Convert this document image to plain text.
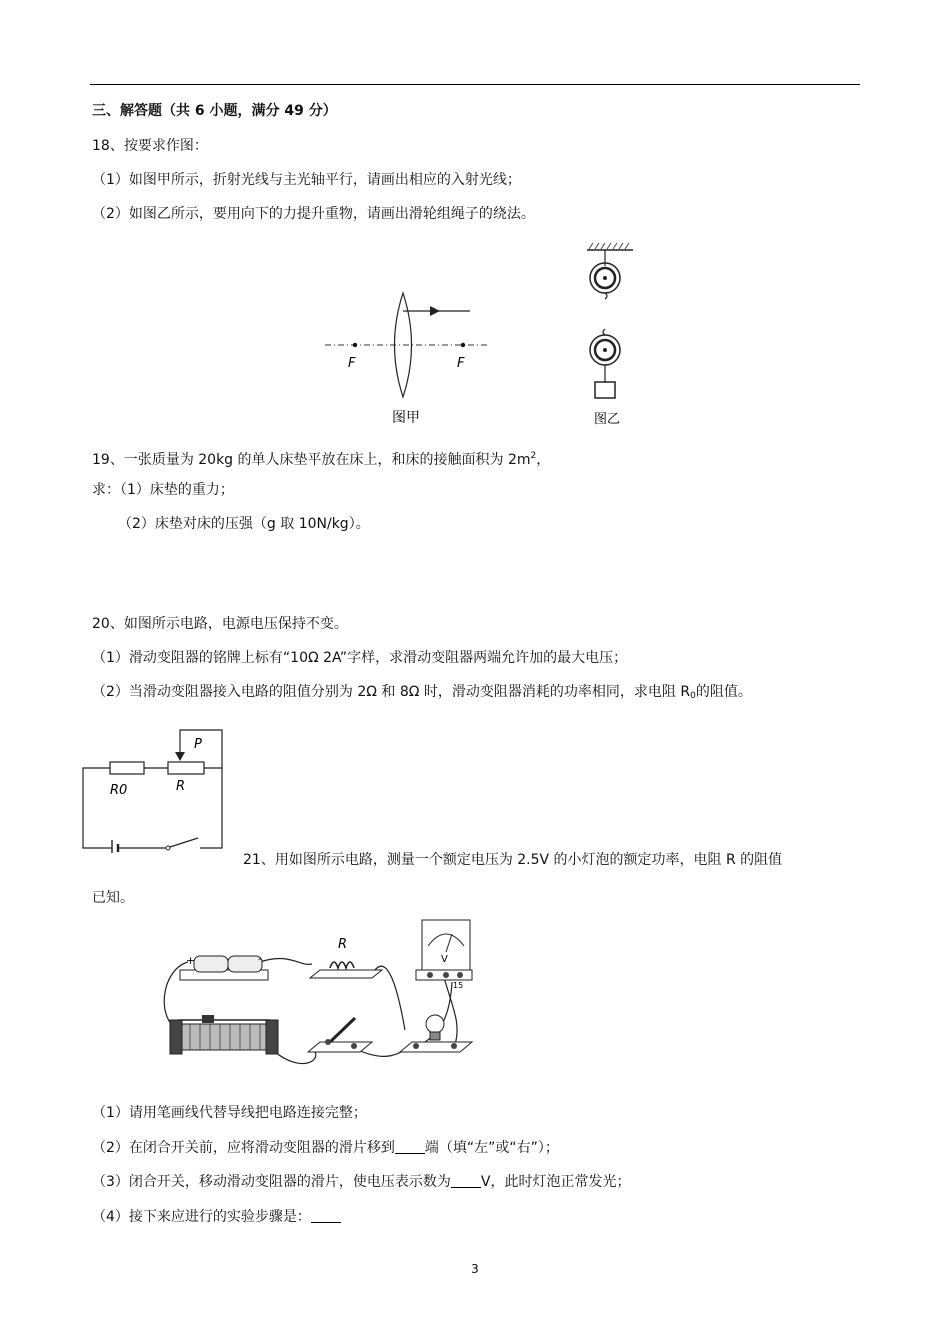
三、解答题（共 6 小题，满分 49 分）
18、按要求作图：
（1）如图甲所示，折射光线与主光轴平行，请画出相应的入射光线；
（2）如图乙所示，要用向下的力提升重物，请画出滑轮组绳子的绕法。
F	F
图甲	图乙
19、一张质量为 20kg 的单人床垫平放在床上，和床的接触面积为 $2m^2$，
求：（1）床垫的重力；
（2）床垫对床的压强（g 取 10N/kg）。
20、如图所示电路，电源电压保持不变。
（1）滑动变阻器的铭牌上标有“10Ω 2A”字样，求滑动变阻器两端允许加的最大电压；
（2）当滑动变阻器接入电路的阻值分别为 2Ω 和 8Ω 时，滑动变阻器消耗的功率相同，求电阻 $R_0$的阻值。
P
R0	R
21、用如图所示电路，测量一个额定电压为 2.5V 的小灯泡的额定功率，电阻 R 的阻值
已知。
+	-
R
V
15
（1）请用笔画线代替导线把电路连接完整；
（2）在闭合开关前，应将滑动变阻器的滑片移到 端（填“左”或“右”）；
（3）闭合开关，移动滑动变阻器的滑片，使电压表示数为 V，此时灯泡正常发光；
（4）接下来应进行的实验步骤是：
3
